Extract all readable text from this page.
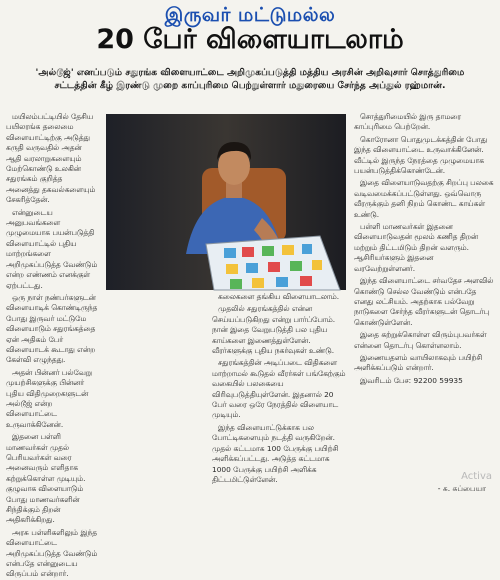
இருவர் மட்டுமல்ல
20 பேர் விளையாடலாம்
'அல்டூஜ்' எனப்படும் சதுரங்க விளையாட்டை அறிமுகப்படுத்தி மத்திய அரசின் அறிவுசார் சொத்துரிமை சட்டத்தின் கீழ் இரண்டு முறை காப்புரிமை பெற்றுள்ளார் மதுரையை சேர்ந்த அப்துல் ரஹ்மான்.

மயிலம்பட்டியில் தேசிய பயிலரங்க தலைமை விளையாட்டிற்கு அடுத்து கருதி வருவதில் அதன் ஆதி வரலாறுகளையும் மேற்கொண்டு உலகின் சதுரங்கம் குறித்த அனைத்து தகவல்களையும் சேகரித்தேன்.

என்னுடைய அனுபவங்களை முழுமையாக பயன்படுத்தி விளையாட்டில் புதிய மாற்றங்களை அறிமுகப்படுத்த வேண்டும் என்ற எண்ணம் எனக்குள் ஏற்பட்டது.

ஒரு நாள் நண்பர்களுடன் விளையாடிக் கொண்டிருந்த போது இருவர் மட்டுமே விளையாடும் சதுரங்கத்தை ஏன் அதிகம் பேர் விளையாடக் கூடாது என்ற கேள்வி எழுந்தது.

அதன் பின்னர் பல்வேறு முயற்சிகளுக்கு பின்னர் புதிய விதிமுறைகளுடன் அல்டூஜ் என்ற விளையாட்டை உருவாக்கினேன்.

இதனை பள்ளி மாணவர்கள் முதல் பெரியவர்கள் வரை அனைவரும் எளிதாக கற்றுக்கொள்ள முடியும். குழுவாக விளையாடும் போது மாணவர்களின் சிந்திக்கும் திறன் அதிகரிக்கிறது.

அரசு பள்ளிகளிலும் இந்த விளையாட்டை அறிமுகப்படுத்த வேண்டும் என்பதே என்னுடைய விருப்பம் என்றார்.

கலைகளை தங்கிய விளையாடலாம்.

முதலில் சதுரங்கத்தில் என்ன செய்யப்படுகிறது என்று பார்ப்போம். நான் இதை வேறுபடுத்தி பல புதிய காய்களை இணைத்துள்ளேன். வீரர்களுக்கு புதிய நகர்வுகள் உண்டு.

சதுரங்கத்தின் அடிப்படை விதிகளை மாற்றாமல் கூடுதல் வீரர்கள் பங்கேற்கும் வகையில் பலகையை விரிவுபடுத்தியுள்ளேன். இதனால் 20 பேர் வரை ஒரே நேரத்தில் விளையாட முடியும்.

இந்த விளையாட்டுக்காக பல போட்டிகளையும் நடத்தி வருகிறேன். முதல் கட்டமாக 100 பேருக்கு பயிற்சி அளிக்கப்பட்டது. அடுத்த கட்டமாக 1000 பேருக்கு பயிற்சி அளிக்க திட்டமிட்டுள்ளேன்.

சொத்துரிமையில் இரு தாமரை காப்புரிமை பெற்றேன்.

கொரோனா பொதுமுடக்கத்தின் போது இந்த விளையாட்டை உருவாக்கினேன். வீட்டில் இருந்த நேரத்தை முழுமையாக பயன்படுத்திக்கொண்டேன்.

இதை விளையாடுவதற்கு சிறப்பு பலகை வடிவமைக்கப்பட்டுள்ளது. ஒவ்வொரு வீரருக்கும் தனி நிறம் கொண்ட காய்கள் உண்டு.

பள்ளி மாணவர்கள் இதனை விளையாடுவதன் மூலம் கணித திறன் மற்றும் திட்டமிடும் திறன் வளரும். ஆசிரியர்களும் இதனை வரவேற்றுள்ளனர்.

இந்த விளையாட்டை சர்வதேச அளவில் கொண்டு செல்ல வேண்டும் என்பதே எனது லட்சியம். அதற்காக பல்வேறு நாடுகளை சேர்ந்த வீரர்களுடன் தொடர்பு கொண்டுள்ளேன்.

இதை கற்றுக்கொள்ள விரும்புபவர்கள் என்னை தொடர்பு கொள்ளலாம்.

இணையதளம் வாயிலாகவும் பயிற்சி அளிக்கப்படும் என்றார்.

இவரிடம் பேச: 92200 59935

Activa
- சு. சுப்பையா
